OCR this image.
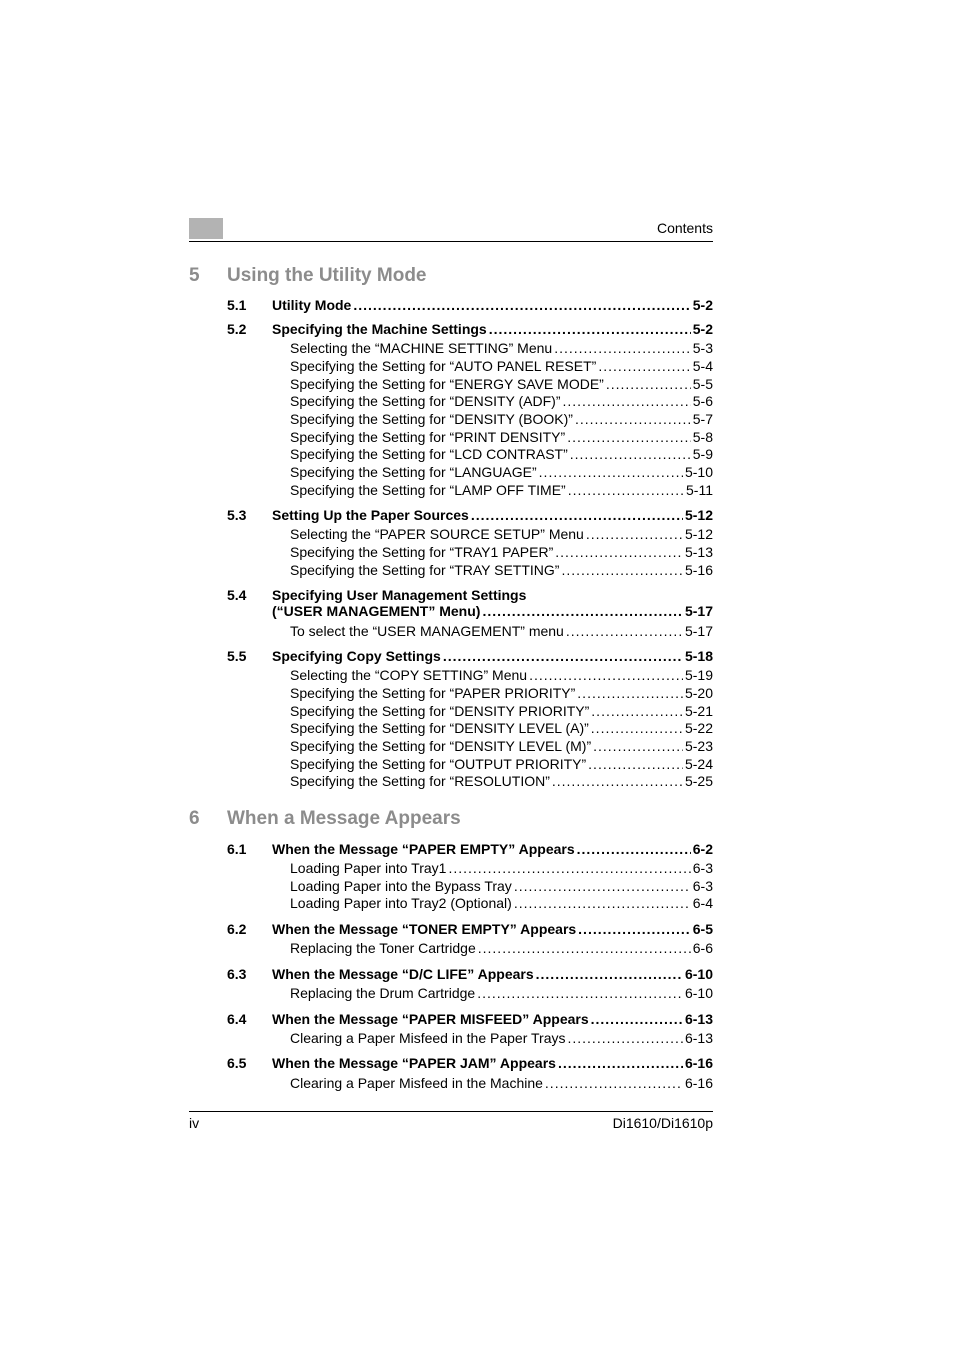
Contents
5 Using the Utility Mode
5.1 Utility Mode .....	5-2
5.2 Specifying the Machine Settings .....	5-2
Selecting the “MACHINE SETTING” Menu .....	5-3
Specifying the Setting for “AUTO PANEL RESET” .....	5-4
Specifying the Setting for “ENERGY SAVE MODE” .....	5-5
Specifying the Setting for “DENSITY (ADF)” .....	5-6
Specifying the Setting for “DENSITY (BOOK)” .....	5-7
Specifying the Setting for “PRINT DENSITY” .....	5-8
Specifying the Setting for “LCD CONTRAST” .....	5-9
Specifying the Setting for “LANGUAGE” .....	5-10
Specifying the Setting for “LAMP OFF TIME” .....	5-11
5.3 Setting Up the Paper Sources .....	5-12
Selecting the “PAPER SOURCE SETUP” Menu .....	5-12
Specifying the Setting for “TRAY1 PAPER” .....	5-13
Specifying the Setting for “TRAY SETTING” .....	5-16
5.4 Specifying User Management Settings
(“USER MANAGEMENT” Menu) .....	5-17
To select the “USER MANAGEMENT” menu .....	5-17
5.5 Specifying Copy Settings .....	5-18
Selecting the “COPY SETTING” Menu .....	5-19
Specifying the Setting for “PAPER PRIORITY” .....	5-20
Specifying the Setting for “DENSITY PRIORITY” .....	5-21
Specifying the Setting for “DENSITY LEVEL (A)” .....	5-22
Specifying the Setting for “DENSITY LEVEL (M)” .....	5-23
Specifying the Setting for “OUTPUT PRIORITY” .....	5-24
Specifying the Setting for “RESOLUTION” .....	5-25
6 When a Message Appears
6.1 When the Message “PAPER EMPTY” Appears .....	6-2
Loading Paper into Tray1 .....	6-3
Loading Paper into the Bypass Tray .....	6-3
Loading Paper into Tray2 (Optional) .....	6-4
6.2 When the Message “TONER EMPTY” Appears .....	6-5
Replacing the Toner Cartridge .....	6-6
6.3 When the Message “D/C LIFE” Appears .....	6-10
Replacing the Drum Cartridge .....	6-10
6.4 When the Message “PAPER MISFEED” Appears .....	6-13
Clearing a Paper Misfeed in the Paper Trays .....	6-13
6.5 When the Message “PAPER JAM” Appears .....	6-16
Clearing a Paper Misfeed in the Machine .....	6-16
iv	Di1610/Di1610p
